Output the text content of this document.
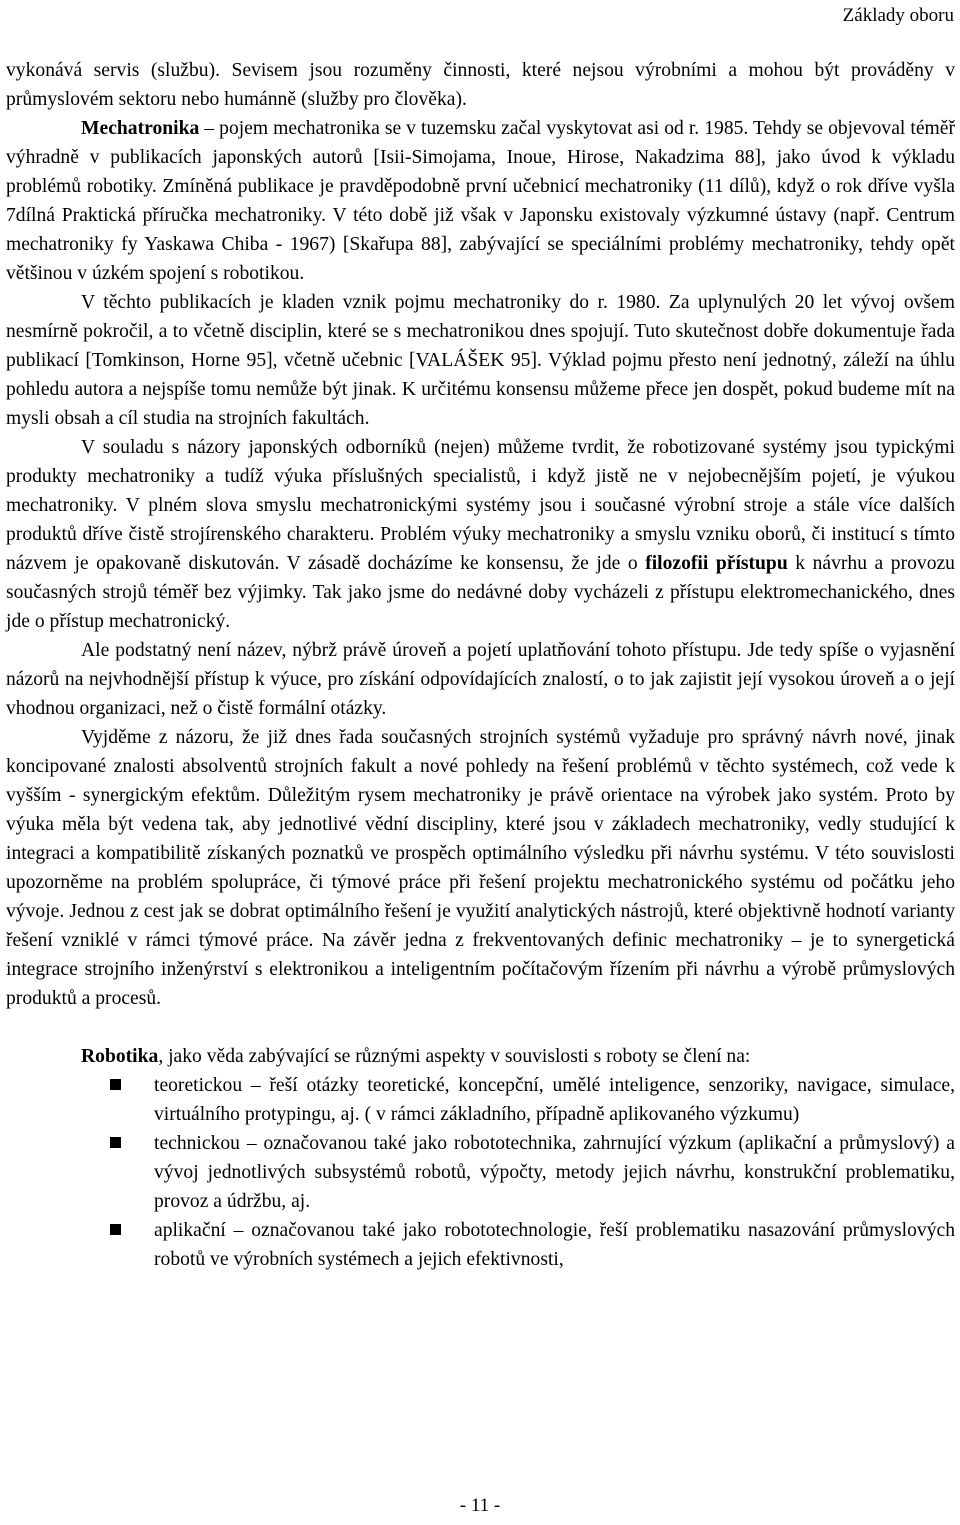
Základy oboru

vykonává servis (službu). Sevisem jsou rozuměny činnosti, které nejsou výrobními a mohou být prováděny v průmyslovém sektoru nebo humánně (služby pro člověka).

Mechatronika – pojem mechatronika se v tuzemsku začal vyskytovat asi od r. 1985. Tehdy se objevoval téměř výhradně v publikacích japonských autorů [Isii-Simojama, Inoue, Hirose, Nakadzima 88], jako úvod k výkladu problémů robotiky. Zmíněná publikace je pravděpodobně první učebnicí mechatroniky (11 dílů), když o rok dříve vyšla 7dílná Praktická příručka mechatroniky. V této době již však v Japonsku existovaly výzkumné ústavy (např. Centrum mechatroniky fy Yaskawa Chiba - 1967) [Skařupa 88], zabývající se speciálními problémy mechatroniky, tehdy opět většinou v úzkém spojení s robotikou.

V těchto publikacích je kladen vznik pojmu mechatroniky do r. 1980. Za uplynulých 20 let vývoj ovšem nesmírně pokročil, a to včetně disciplin, které se s mechatronikou dnes spojují. Tuto skutečnost dobře dokumentuje řada publikací [Tomkinson, Horne 95], včetně učebnic [VALÁŠEK 95]. Výklad pojmu přesto není jednotný, záleží na úhlu pohledu autora a nejspíše tomu nemůže být jinak. K určitému konsensu můžeme přece jen dospět, pokud budeme mít na mysli obsah a cíl studia na strojních fakultách.

V souladu s názory japonských odborníků (nejen) můžeme tvrdit, že robotizované systémy jsou typickými produkty mechatroniky a tudíž výuka příslušných specialistů, i když jistě ne v nejobecnějším pojetí, je výukou mechatroniky. V plném slova smyslu mechatronickými systémy jsou i současné výrobní stroje a stále více dalších produktů dříve čistě strojírenského charakteru. Problém výuky mechatroniky a smyslu vzniku oborů, či institucí s tímto názvem je opakovaně diskutován. V zásadě docházíme ke konsensu, že jde o filozofii přístupu k návrhu a provozu současných strojů téměř bez výjimky. Tak jako jsme do nedávné doby vycházeli z přístupu elektromechanického, dnes jde o přístup mechatronický.

Ale podstatný není název, nýbrž právě úroveň a pojetí uplatňování tohoto přístupu. Jde tedy spíše o vyjasnění názorů na nejvhodnější přístup k výuce, pro získání odpovídajících znalostí, o to jak zajistit její vysokou úroveň a o její vhodnou organizaci, než o čistě formální otázky.

Vyjděme z názoru, že již dnes řada současných strojních systémů vyžaduje pro správný návrh nové, jinak koncipované znalosti absolventů strojních fakult a nové pohledy na řešení problémů v těchto systémech, což vede k vyšším - synergickým efektům. Důležitým rysem mechatroniky je právě orientace na výrobek jako systém. Proto by výuka měla být vedena tak, aby jednotlivé vědní discipliny, které jsou v základech mechatroniky, vedly studující k integraci a kompatibilitě získaných poznatků ve prospěch optimálního výsledku při návrhu systému. V této souvislosti upozorněme na problém spolupráce, či týmové práce při řešení projektu mechatronického systému od počátku jeho vývoje. Jednou z cest jak se dobrat optimálního řešení je využití analytických nástrojů, které objektivně hodnotí varianty řešení vzniklé v rámci týmové práce. Na závěr jedna z frekventovaných definic mechatroniky – je to synergetická integrace strojního inženýrství s elektronikou a inteligentním počítačovým řízením při návrhu a výrobě průmyslových produktů a procesů.

Robotika, jako věda zabývající se různými aspekty v souvislosti s roboty se člení na:

teoretickou – řeší otázky teoretické, koncepční, umělé inteligence, senzoriky, navigace, simulace, virtuálního protypingu, aj. ( v rámci základního, případně aplikovaného výzkumu)
technickou – označovanou také jako robototechnika, zahrnující výzkum (aplikační a průmyslový) a vývoj jednotlivých subsystémů robotů, výpočty, metody jejich návrhu, konstrukční problematiku, provoz a údržbu, aj.
aplikační – označovanou také jako robototechnologie, řeší problematiku nasazování průmyslových robotů ve výrobních systémech a jejich efektivnosti,
- 11 -
